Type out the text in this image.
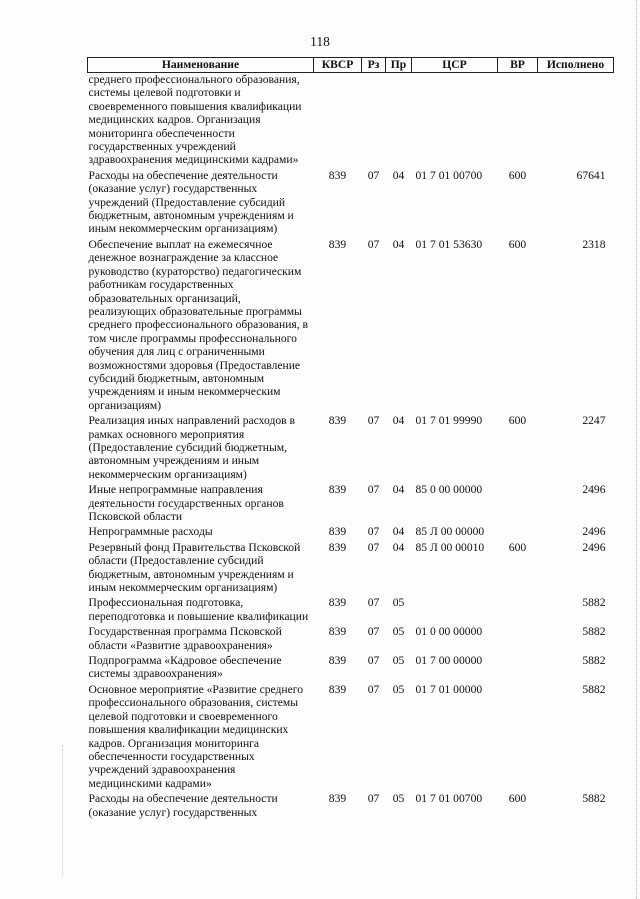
118
Наименование	КВСР	Рз	Пр	ЦСР	ВР	Исполнено
среднего профессионального образования, системы целевой подготовки и своевременного повышения квалификации медицинских кадров. Организация мониторинга обеспеченности государственных учреждений здравоохранения медицинскими кадрами»						
Расходы на обеспечение деятельности (оказание услуг) государственных учреждений (Предоставление субсидий бюджетным, автономным учреждениям и иным некоммерческим организациям)	839	07	04	01 7 01 00700	600	67641
Обеспечение выплат на ежемесячное денежное вознаграждение за классное руководство (кураторство) педагогическим работникам государственных образовательных организаций, реализующих образовательные программы среднего профессионального образования, в том числе программы профессионального обучения для лиц с ограниченными возможностями здоровья (Предоставление субсидий бюджетным, автономным учреждениям и иным некоммерческим организациям)	839	07	04	01 7 01 53630	600	2318
Реализация иных направлений расходов в рамках основного мероприятия (Предоставление субсидий бюджетным, автономным учреждениям и иным некоммерческим организациям)	839	07	04	01 7 01 99990	600	2247
Иные непрограммные направления деятельности государственных органов Псковской области	839	07	04	85 0 00 00000		2496
Непрограммные расходы	839	07	04	85 Л 00 00000		2496
Резервный фонд Правительства Псковской области (Предоставление субсидий бюджетным, автономным учреждениям и иным некоммерческим организациям)	839	07	04	85 Л 00 00010	600	2496
Профессиональная подготовка, переподготовка и повышение квалификации	839	07	05			5882
Государственная программа Псковской области «Развитие здравоохранения»	839	07	05	01 0 00 00000		5882
Подпрограмма «Кадровое обеспечение системы здравоохранения»	839	07	05	01 7 00 00000		5882
Основное мероприятие «Развитие среднего профессионального образования, системы целевой подготовки и своевременного повышения квалификации медицинских кадров. Организация мониторинга обеспеченности государственных учреждений здравоохранения медицинскими кадрами»	839	07	05	01 7 01 00000		5882
Расходы на обеспечение деятельности (оказание услуг) государственных	839	07	05	01 7 01 00700	600	5882
